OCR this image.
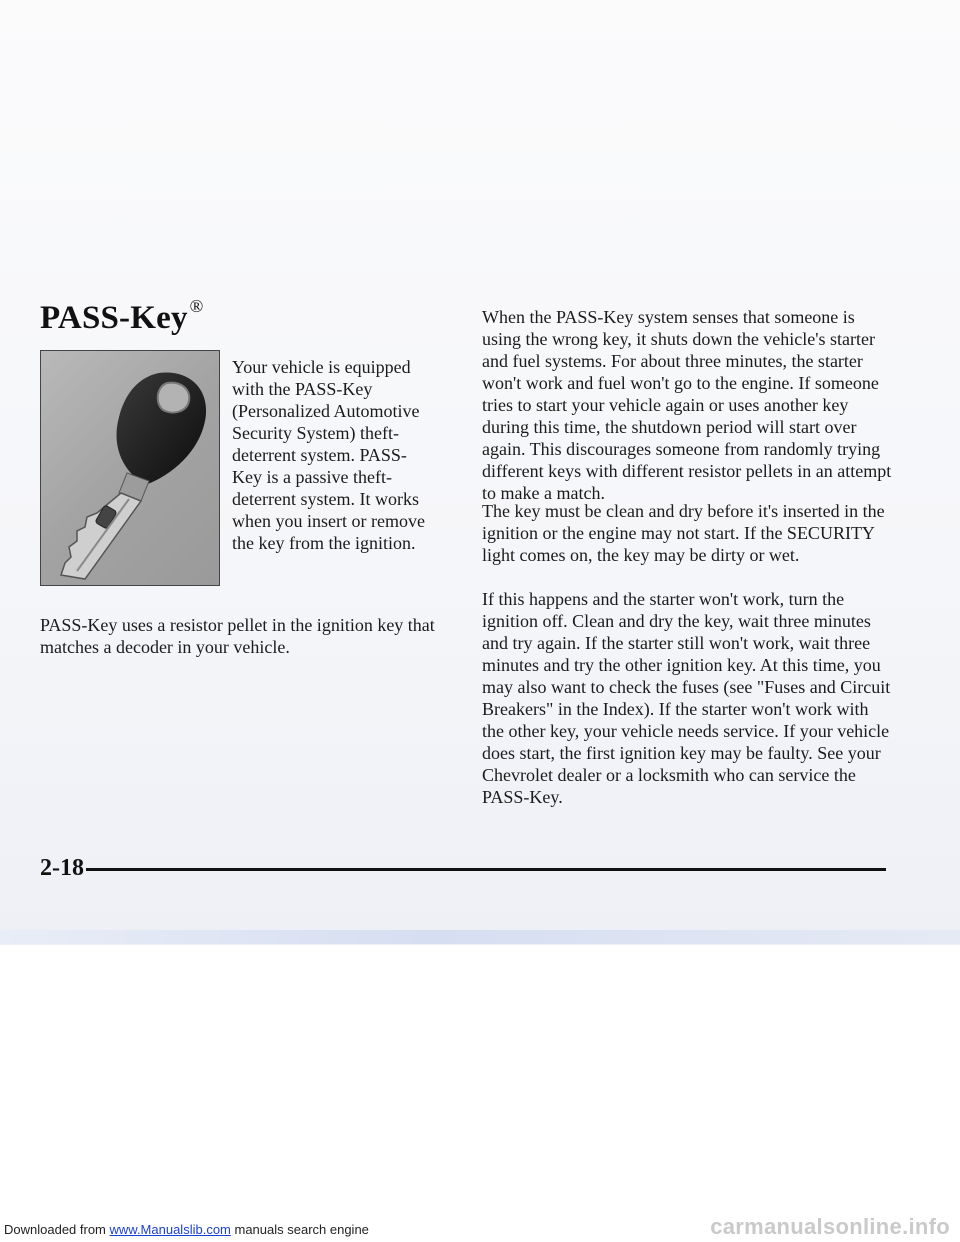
PASS-Key ®

Your vehicle is equipped with the PASS-Key (Personalized Automotive Security System) theft-deterrent system. PASS-Key is a passive theft-deterrent system. It works when you insert or remove the key from the ignition.

PASS-Key uses a resistor pellet in the ignition key that matches a decoder in your vehicle.

When the PASS-Key system senses that someone is using the wrong key, it shuts down the vehicle's starter and fuel systems. For about three minutes, the starter won't work and fuel won't go to the engine. If someone tries to start your vehicle again or uses another key during this time, the shutdown period will start over again. This discourages someone from randomly trying different keys with different resistor pellets in an attempt to make a match.

The key must be clean and dry before it's inserted in the ignition or the engine may not start. If the SECURITY light comes on, the key may be dirty or wet.

If this happens and the starter won't work, turn the ignition off. Clean and dry the key, wait three minutes and try again. If the starter still won't work, wait three minutes and try the other ignition key. At this time, you may also want to check the fuses (see "Fuses and Circuit Breakers" in the Index). If the starter won't work with the other key, your vehicle needs service. If your vehicle does start, the first ignition key may be faulty. See your Chevrolet dealer or a locksmith who can service the PASS-Key.

2-18
Downloaded from www.Manualslib.com manuals search engine	carmanualsonline.info
